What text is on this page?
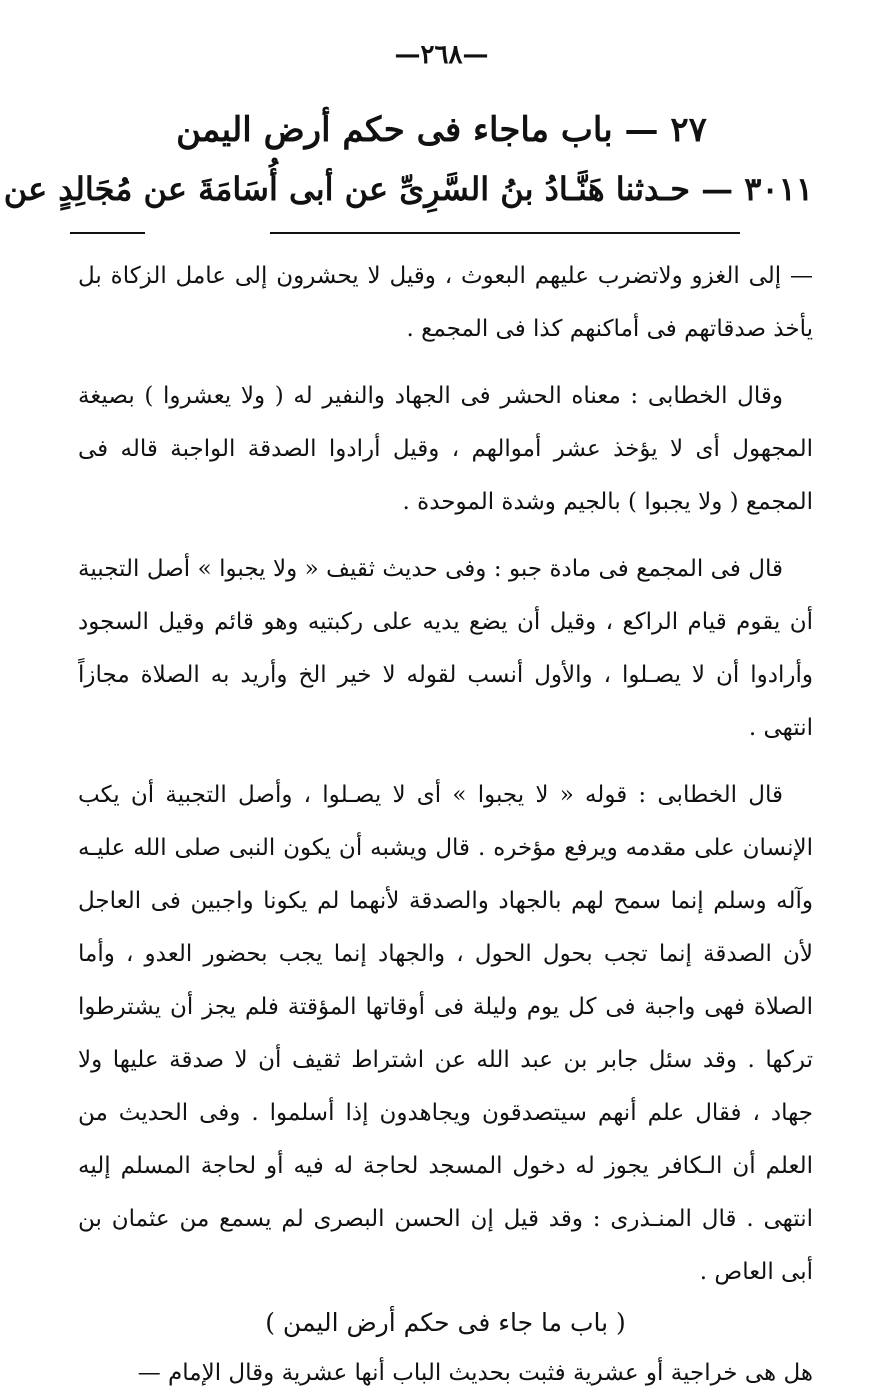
—٢٦٨—
٢٧ — باب ماجاء فى حكم أرض اليمن
٣٠١١ — حـدثنا هَنَّـادُ بنُ السَّرِىِّ عن أبى أُسَامَةَ عن مُجَالِدٍ عن

— إلى الغزو ولاتضرب عليهم البعوث ، وقيل لا يحشرون إلى عامل الزكاة بل يأخذ صدقاتهم فى أماكنهم كذا فى المجمع .

وقال الخطابى : معناه الحشر فى الجهاد والنفير له ( ولا يعشروا ) بصيغة المجهول أى لا يؤخذ عشر أموالهم ، وقيل أرادوا الصدقة الواجبة قاله فى المجمع ( ولا يجبوا ) بالجيم وشدة الموحدة .

قال فى المجمع فى مادة جبو : وفى حديث ثقيف « ولا يجبوا » أصل التجبية أن يقوم قيام الراكع ، وقيل أن يضع يديه على ركبتيه وهو قائم وقيل السجود وأرادوا أن لا يصـلوا ، والأول أنسب لقوله لا خير الخ وأريد به الصلاة مجازاً انتهى .

قال الخطابى : قوله « لا يجبوا » أى لا يصـلوا ، وأصل التجبية أن يكب الإنسان على مقدمه ويرفع مؤخره . قال ويشبه أن يكون النبى صلى الله عليـه وآله وسلم إنما سمح لهم بالجهاد والصدقة لأنهما لم يكونا واجبين فى العاجل لأن الصدقة إنما تجب بحول الحول ، والجهاد إنما يجب بحضور العدو ، وأما الصلاة فهى واجبة فى كل يوم وليلة فى أوقاتها المؤقتة فلم يجز أن يشترطوا تركها . وقد سئل جابر بن عبد الله عن اشتراط ثقيف أن لا صدقة عليها ولا جهاد ، فقال علم أنهم سيتصدقون ويجاهدون إذا أسلموا . وفى الحديث من العلم أن الـكافر يجوز له دخول المسجد لحاجة له فيه أو لحاجة المسلم إليه انتهى . قال المنـذرى : وقد قيل إن الحسن البصرى لم يسمع من عثمان بن أبى العاص .

( باب ما جاء فى حكم أرض اليمن )

هل هى خراجية أو عشرية فثبت بحديث الباب أنها عشرية وقال الإمام —
